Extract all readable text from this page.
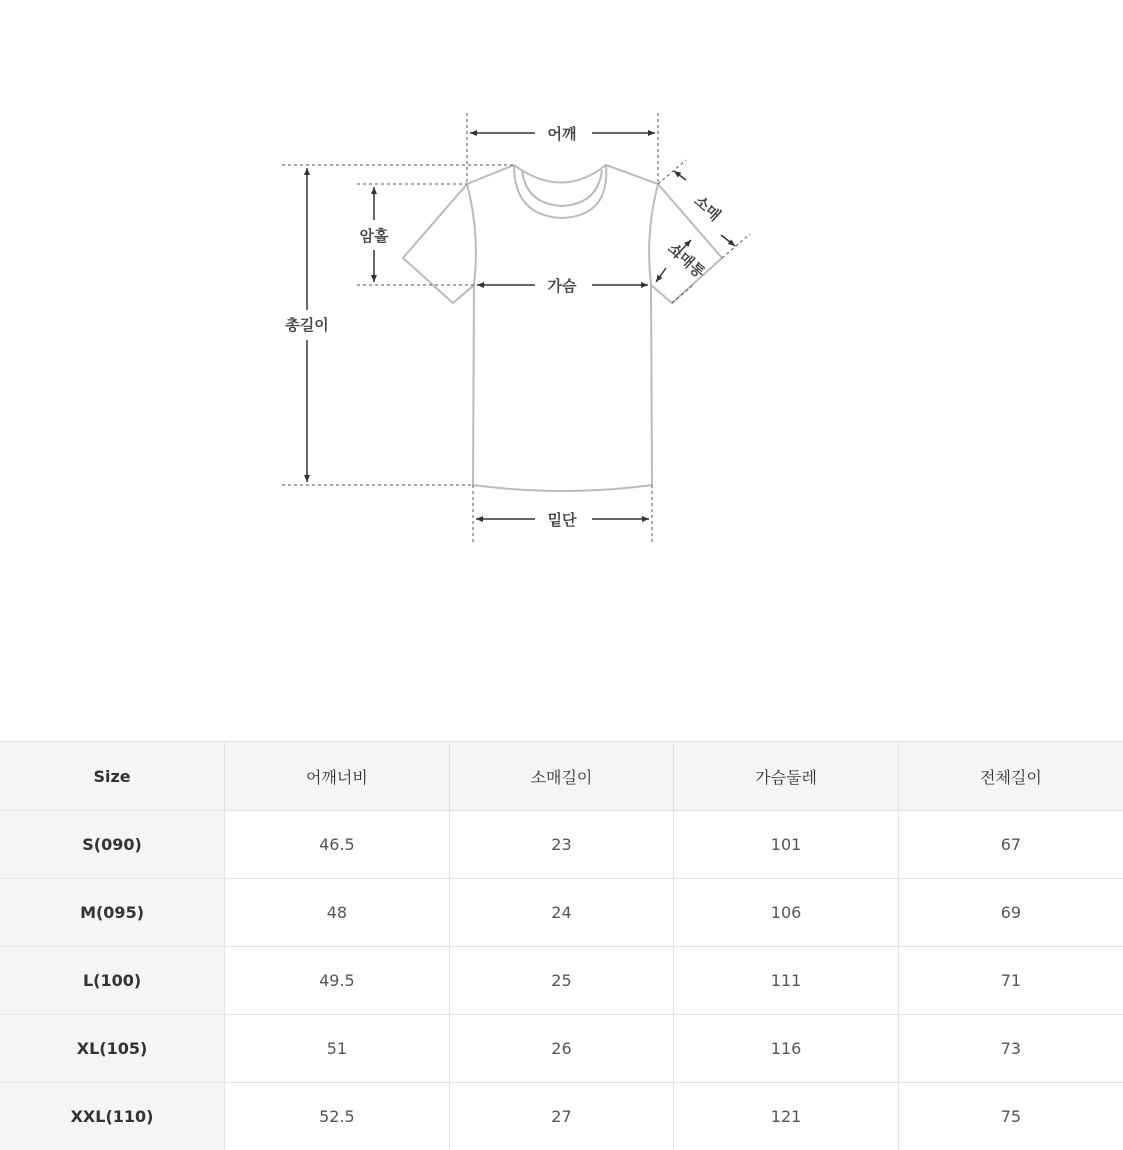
어깨
총길이
암홀
가슴
밑단
소매
소매통
Size	어깨너비	소매길이	가슴둘레	전체길이
S(090)	46.5	23	101	67
M(095)	48	24	106	69
L(100)	49.5	25	111	71
XL(105)	51	26	116	73
XXL(110)	52.5	27	121	75
